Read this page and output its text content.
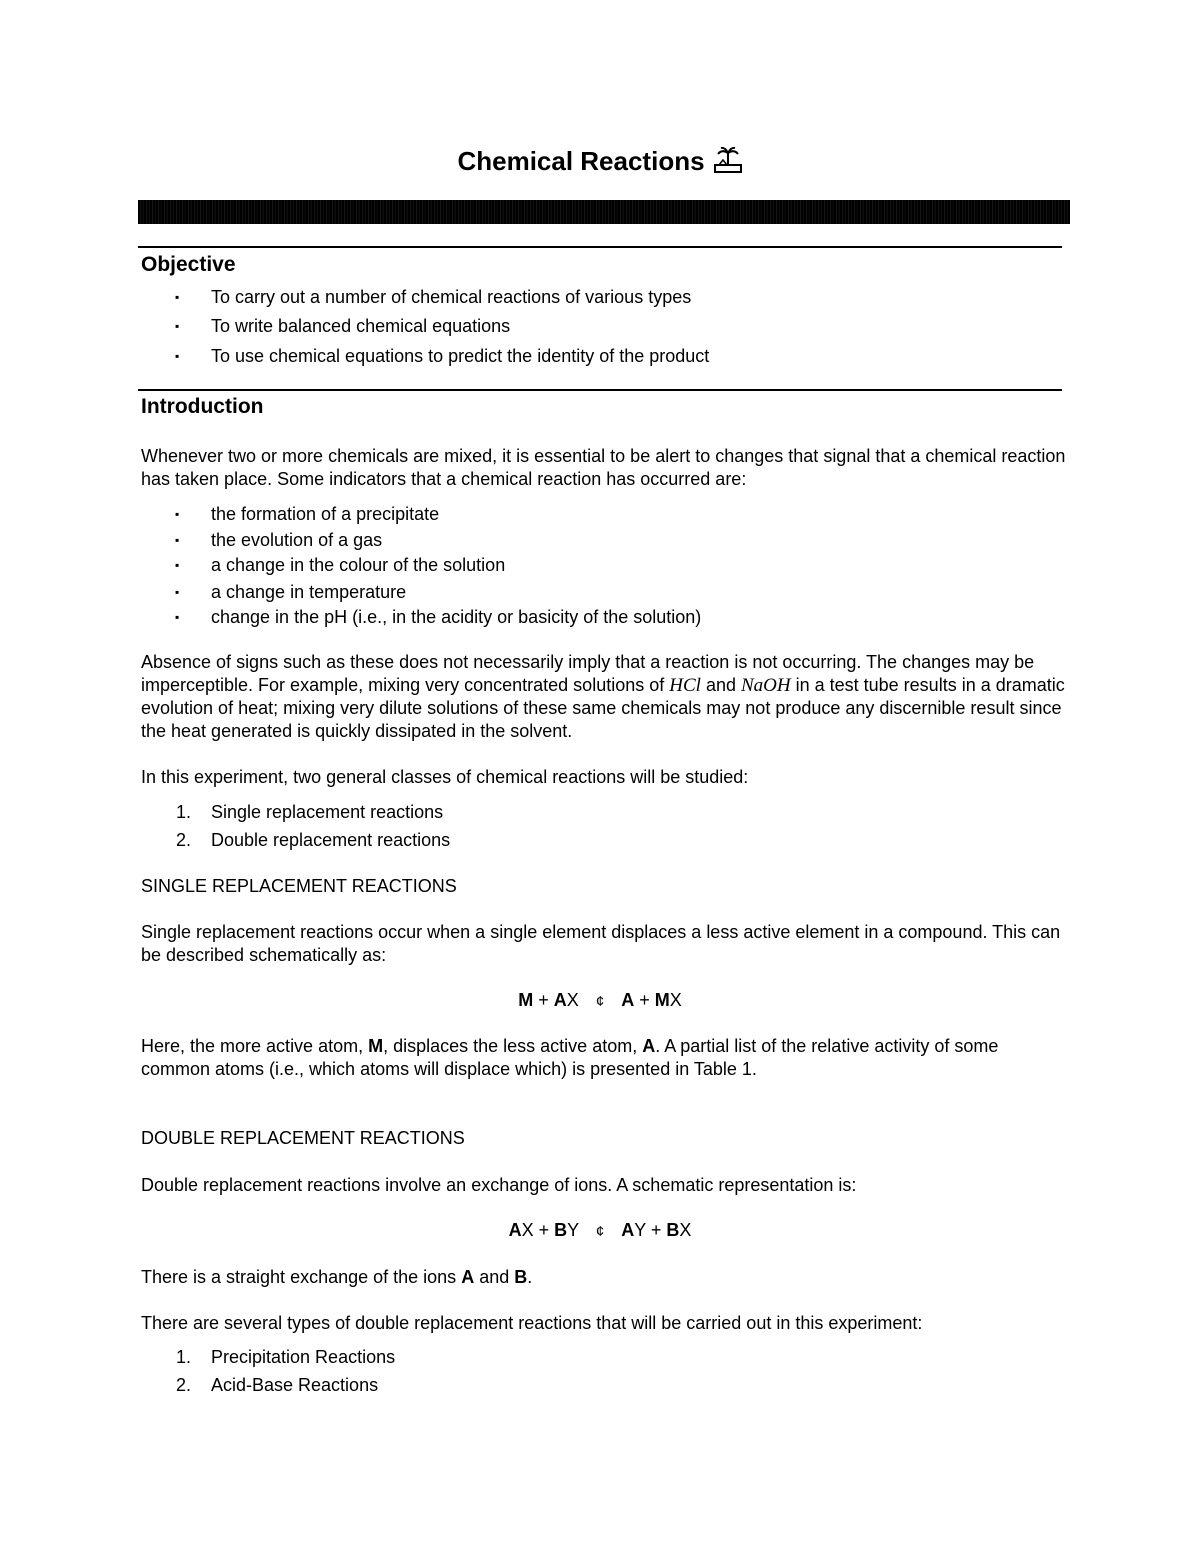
Chemical Reactions
Objective
▪ To carry out a number of chemical reactions of various types
▪ To write balanced chemical equations
▪ To use chemical equations to predict the identity of the product
Introduction

Whenever two or more chemicals are mixed, it is essential to be alert to changes that signal that a chemical reaction has taken place. Some indicators that a chemical reaction has occurred are:

▪ the formation of a precipitate
▪ the evolution of a gas
▪ a change in the colour of the solution
▪ a change in temperature
▪ change in the pH (i.e., in the acidity or basicity of the solution)

Absence of signs such as these does not necessarily imply that a reaction is not occurring. The changes may be imperceptible. For example, mixing very concentrated solutions of HCl and NaOH in a test tube results in a dramatic evolution of heat; mixing very dilute solutions of these same chemicals may not produce any discernible result since the heat generated is quickly dissipated in the solvent.

In this experiment, two general classes of chemical reactions will be studied:

1. Single replacement reactions
2. Double replacement reactions
SINGLE REPLACEMENT REACTIONS

Single replacement reactions occur when a single element displaces a less active element in a compound. This can be described schematically as:

M + AX ¢ A + MX

Here, the more active atom, M, displaces the less active atom, A. A partial list of the relative activity of some common atoms (i.e., which atoms will displace which) is presented in Table 1.

DOUBLE REPLACEMENT REACTIONS

Double replacement reactions involve an exchange of ions. A schematic representation is:

AX + BY ¢ AY + BX

There is a straight exchange of the ions A and B.

There are several types of double replacement reactions that will be carried out in this experiment:

1. Precipitation Reactions
2. Acid-Base Reactions
